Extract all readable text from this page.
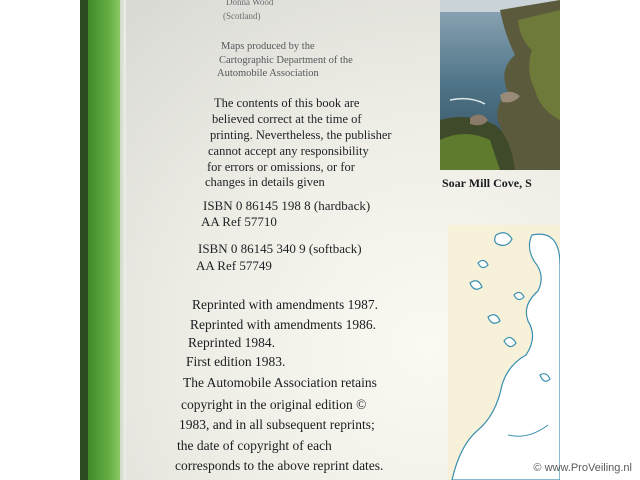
Donna Wood
(Scotland)
Maps produced by the
Cartographic Department of the
Automobile Association
The contents of this book are
believed correct at the time of
printing. Nevertheless, the publisher
cannot accept any responsibility
for errors or omissions, or for
changes in details given
ISBN 0 86145 198 8 (hardback)
AA Ref 57710
ISBN 0 86145 340 9 (softback)
AA Ref 57749
Reprinted with amendments 1987.
Reprinted with amendments 1986.
Reprinted 1984.
First edition 1983.
The Automobile Association retains
copyright in the original edition ©
1983, and in all subsequent reprints;
the date of copyright of each
corresponds to the above reprint dates.
Soar Mill Cove, S
© www.ProVeiling.nl
